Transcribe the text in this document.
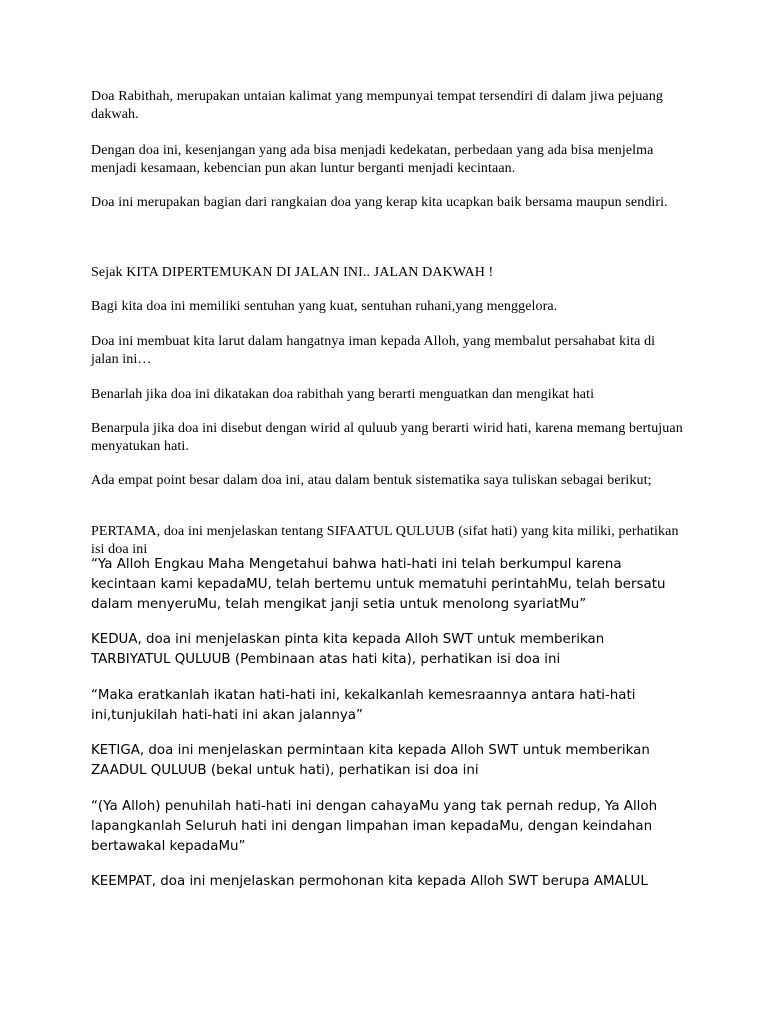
Doa Rabithah, merupakan untaian kalimat yang mempunyai tempat tersendiri di dalam jiwa pejuang dakwah.

Dengan doa ini, kesenjangan yang ada bisa menjadi kedekatan, perbedaan yang ada bisa menjelma menjadi kesamaan, kebencian pun akan luntur berganti menjadi kecintaan.

Doa ini merupakan bagian dari rangkaian doa yang kerap kita ucapkan baik bersama maupun sendiri.

Sejak KITA DIPERTEMUKAN DI JALAN INI.. JALAN DAKWAH !

Bagi kita doa ini memiliki sentuhan yang kuat, sentuhan ruhani,yang menggelora.

Doa ini membuat kita larut dalam hangatnya iman kepada Alloh, yang membalut persahabat kita di jalan ini…

Benarlah jika doa ini dikatakan doa rabithah yang berarti menguatkan dan mengikat hati

Benarpula jika doa ini disebut dengan wirid al quluub yang berarti wirid hati, karena memang bertujuan menyatukan hati.

Ada empat point besar dalam doa ini, atau dalam bentuk sistematika saya tuliskan sebagai berikut;

PERTAMA, doa ini menjelaskan tentang SIFAATUL QULUUB (sifat hati) yang kita miliki, perhatikan isi doa ini

“Ya Alloh Engkau Maha Mengetahui bahwa hati-hati ini telah berkumpul karena kecintaan kami kepadaMU, telah bertemu untuk mematuhi perintahMu, telah bersatu dalam menyeruMu, telah mengikat janji setia untuk menolong syariatMu”

KEDUA, doa ini menjelaskan pinta kita kepada Alloh SWT untuk memberikan TARBIYATUL QULUUB (Pembinaan atas hati kita), perhatikan isi doa ini

“Maka eratkanlah ikatan hati-hati ini, kekalkanlah kemesraannya antara hati-hati ini,tunjukilah hati-hati ini akan jalannya”

KETIGA, doa ini menjelaskan permintaan kita kepada Alloh SWT untuk memberikan ZAADUL QULUUB (bekal untuk hati), perhatikan isi doa ini

“(Ya Alloh) penuhilah hati-hati ini dengan cahayaMu yang tak pernah redup, Ya Alloh lapangkanlah Seluruh hati ini dengan limpahan iman kepadaMu, dengan keindahan bertawakal kepadaMu”

KEEMPAT, doa ini menjelaskan permohonan kita kepada Alloh SWT berupa AMALUL
